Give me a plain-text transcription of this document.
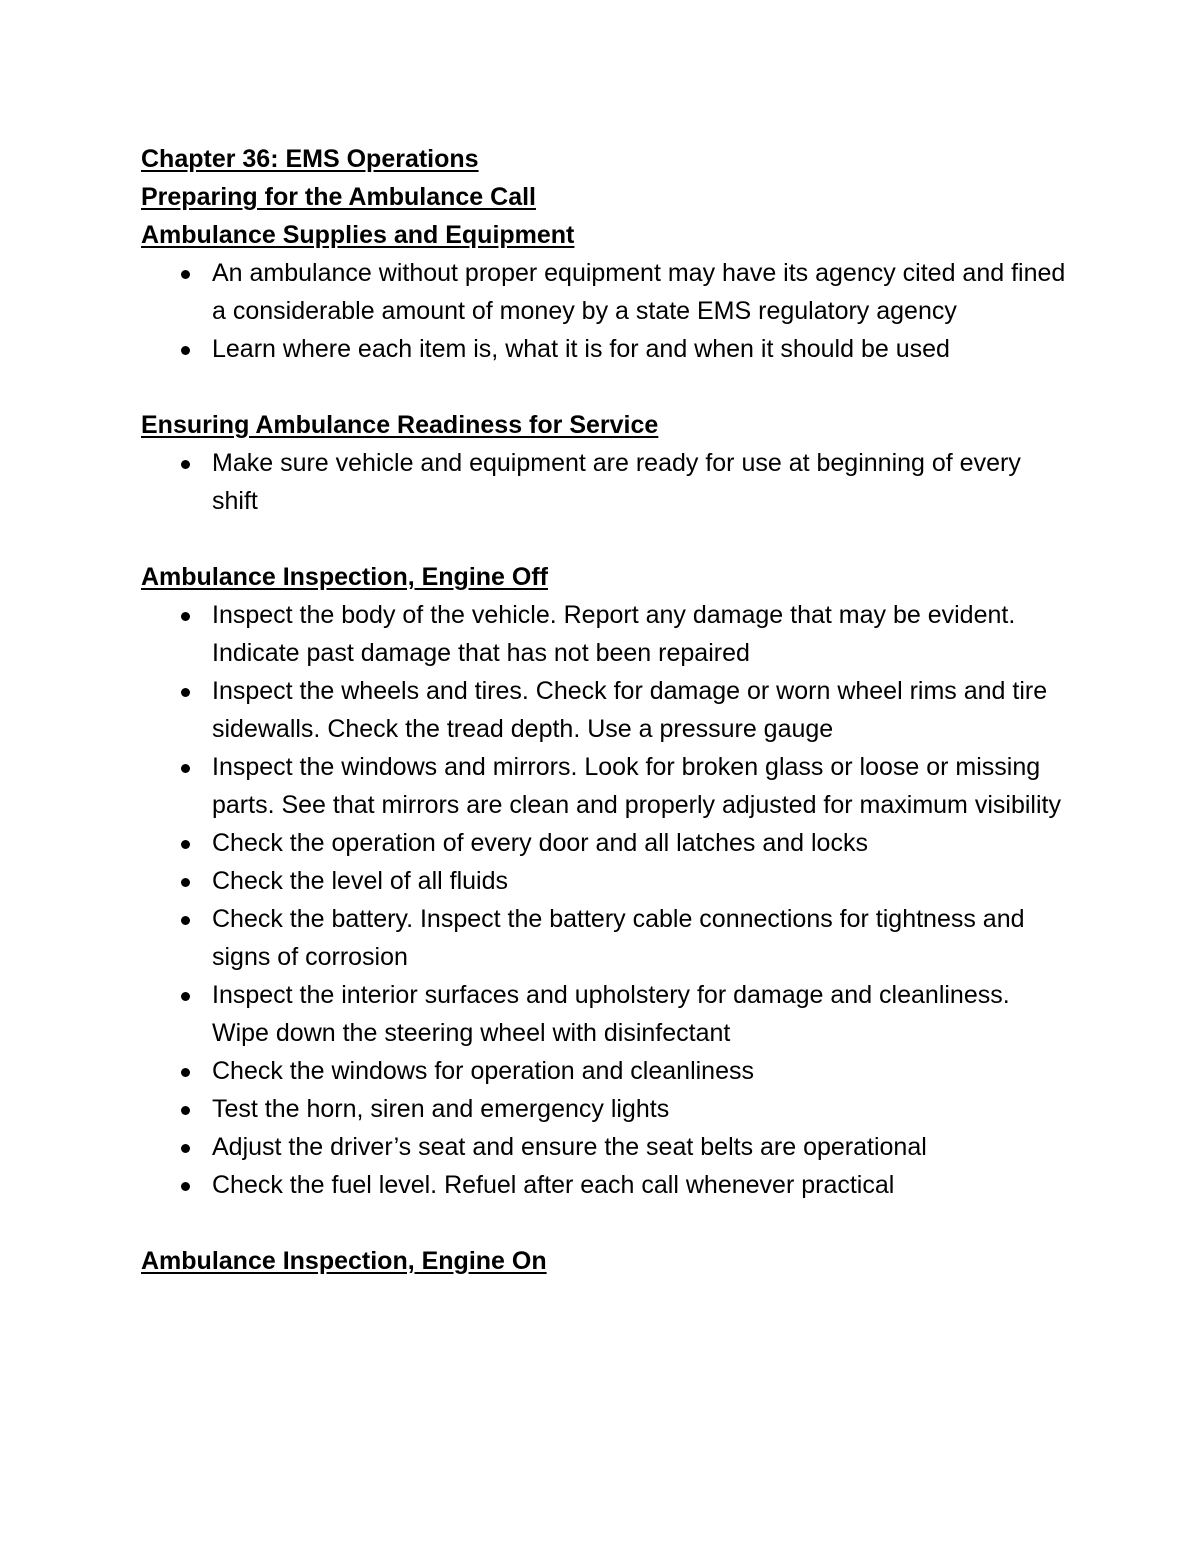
Chapter 36: EMS Operations
Preparing for the Ambulance Call
Ambulance Supplies and Equipment
An ambulance without proper equipment may have its agency cited and fined a considerable amount of money by a state EMS regulatory agency
Learn where each item is, what it is for and when it should be used
Ensuring Ambulance Readiness for Service
Make sure vehicle and equipment are ready for use at beginning of every shift
Ambulance Inspection, Engine Off
Inspect the body of the vehicle. Report any damage that may be evident. Indicate past damage that has not been repaired
Inspect the wheels and tires. Check for damage or worn wheel rims and tire sidewalls. Check the tread depth. Use a pressure gauge
Inspect the windows and mirrors. Look for broken glass or loose or missing parts. See that mirrors are clean and properly adjusted for maximum visibility
Check the operation of every door and all latches and locks
Check the level of all fluids
Check the battery. Inspect the battery cable connections for tightness and signs of corrosion
Inspect the interior surfaces and upholstery for damage and cleanliness. Wipe down the steering wheel with disinfectant
Check the windows for operation and cleanliness
Test the horn, siren and emergency lights
Adjust the driver’s seat and ensure the seat belts are operational
Check the fuel level. Refuel after each call whenever practical
Ambulance Inspection, Engine On
